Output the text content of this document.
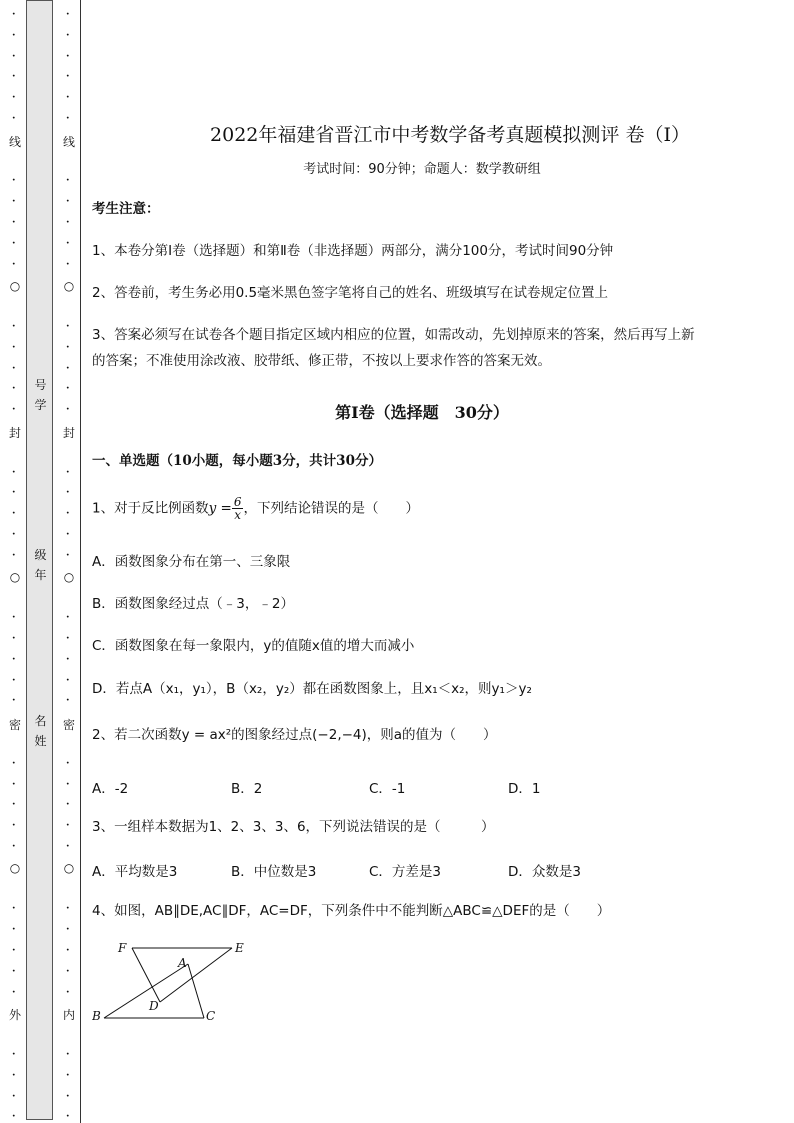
·
·
·
·
·
·
·
·
·
·
·
·
·
·
·
·
·
·
·
·
·
·
·
·
·
·
·
·
·
·
·
·
·
·
·
·
·
·
·
·
线
○
封
○
密
○
外
号
学
级
年
名
姓
·
·
·
·
·
·
·
·
·
·
·
·
·
·
·
·
·
·
·
·
·
·
·
·
·
·
·
·
·
·
·
·
·
·
·
·
·
·
·
·
线
○
封
○
密
○
内
2022年福建省晋江市中考数学备考真题模拟测评 卷（Ⅰ）
考试时间：90分钟；命题人：数学教研组
考生注意：
1、本卷分第Ⅰ卷（选择题）和第Ⅱ卷（非选择题）两部分，满分100分，考试时间90分钟
2、答卷前，考生务必用0.5毫米黑色签字笔将自己的姓名、班级填写在试卷规定位置上
3、答案必须写在试卷各个题目指定区域内相应的位置，如需改动，先划掉原来的答案，然后再写上新
的答案；不准使用涂改液、胶带纸、修正带，不按以上要求作答的答案无效。
第Ⅰ卷（选择题　30分）
一、单选题（10小题，每小题3分，共计30分）
1、对于反比例函数$y = \frac{6}{x}$ ，下列结论错误的是（　　）
A．函数图象分布在第一、三象限
B．函数图象经过点（﹣3，﹣2）
C．函数图象在每一象限内，y的值随x值的增大而减小
D．若点A（x₁，y₁），B（x₂，y₂）都在函数图象上，且x₁＜x₂，则y₁＞y₂
2、若二次函数y = ax²的图象经过点(−2,−4)，则a的值为（　　）
A．-2	B．2	C．-1	D．1
3、一组样本数据为1、2、3、3、6，下列说法错误的是（　　　）
A．平均数是3	B．中位数是3	C．方差是3	D．众数是3
4、如图，AB∥DE,AC∥DF，AC=DF，下列条件中不能判断△ABC≌△DEF的是（　　）
F	E
A
D
B	C
